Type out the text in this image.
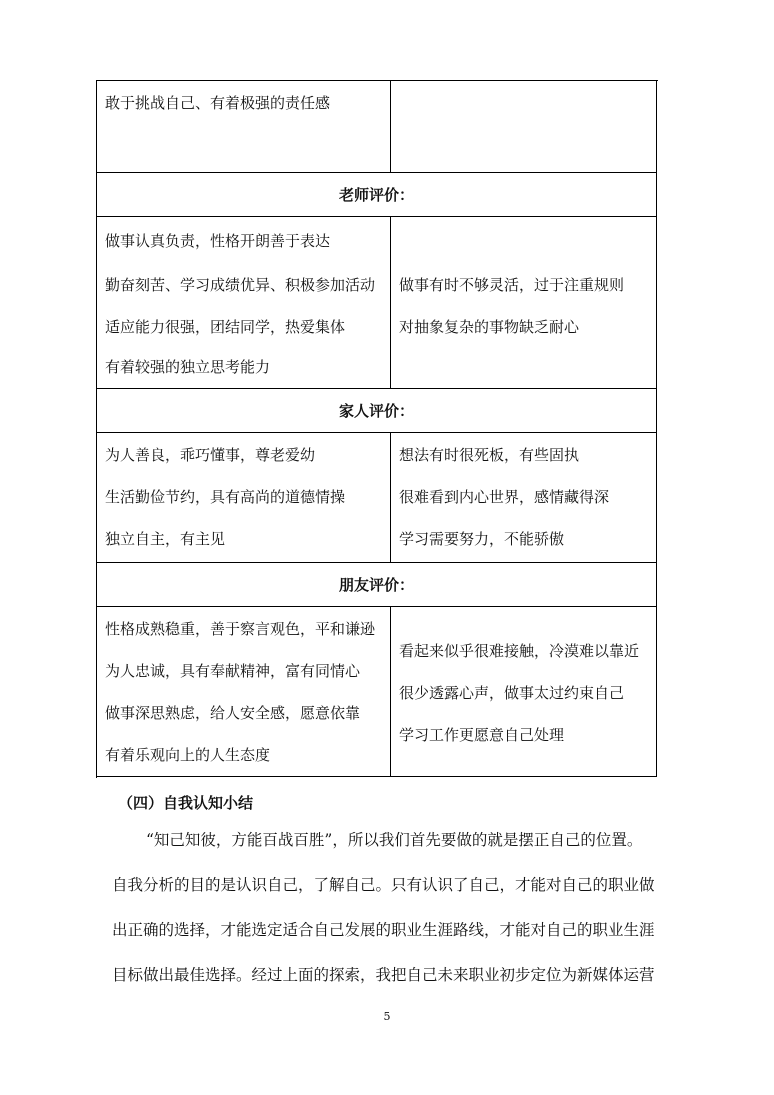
敢于挑战自己、有着极强的责任感
老师评价：
做事认真负责，性格开朗善于表达
勤奋刻苦、学习成绩优异、积极参加活动
适应能力很强，团结同学，热爱集体
有着较强的独立思考能力
做事有时不够灵活，过于注重规则
对抽象复杂的事物缺乏耐心
家人评价：
为人善良，乖巧懂事，尊老爱幼
生活勤俭节约，具有高尚的道德情操
独立自主，有主见
想法有时很死板，有些固执
很难看到内心世界，感情藏得深
学习需要努力，不能骄傲
朋友评价：
性格成熟稳重，善于察言观色，平和谦逊
为人忠诚，具有奉献精神，富有同情心
做事深思熟虑，给人安全感，愿意依靠
有着乐观向上的人生态度
看起来似乎很难接触，冷漠难以靠近
很少透露心声，做事太过约束自己
学习工作更愿意自己处理
（四）自我认知小结
“知己知彼，方能百战百胜”，所以我们首先要做的就是摆正自己的位置。
自我分析的目的是认识自己，了解自己。只有认识了自己，才能对自己的职业做
出正确的选择，才能选定适合自己发展的职业生涯路线，才能对自己的职业生涯
目标做出最佳选择。经过上面的探索，我把自己未来职业初步定位为新媒体运营
5
